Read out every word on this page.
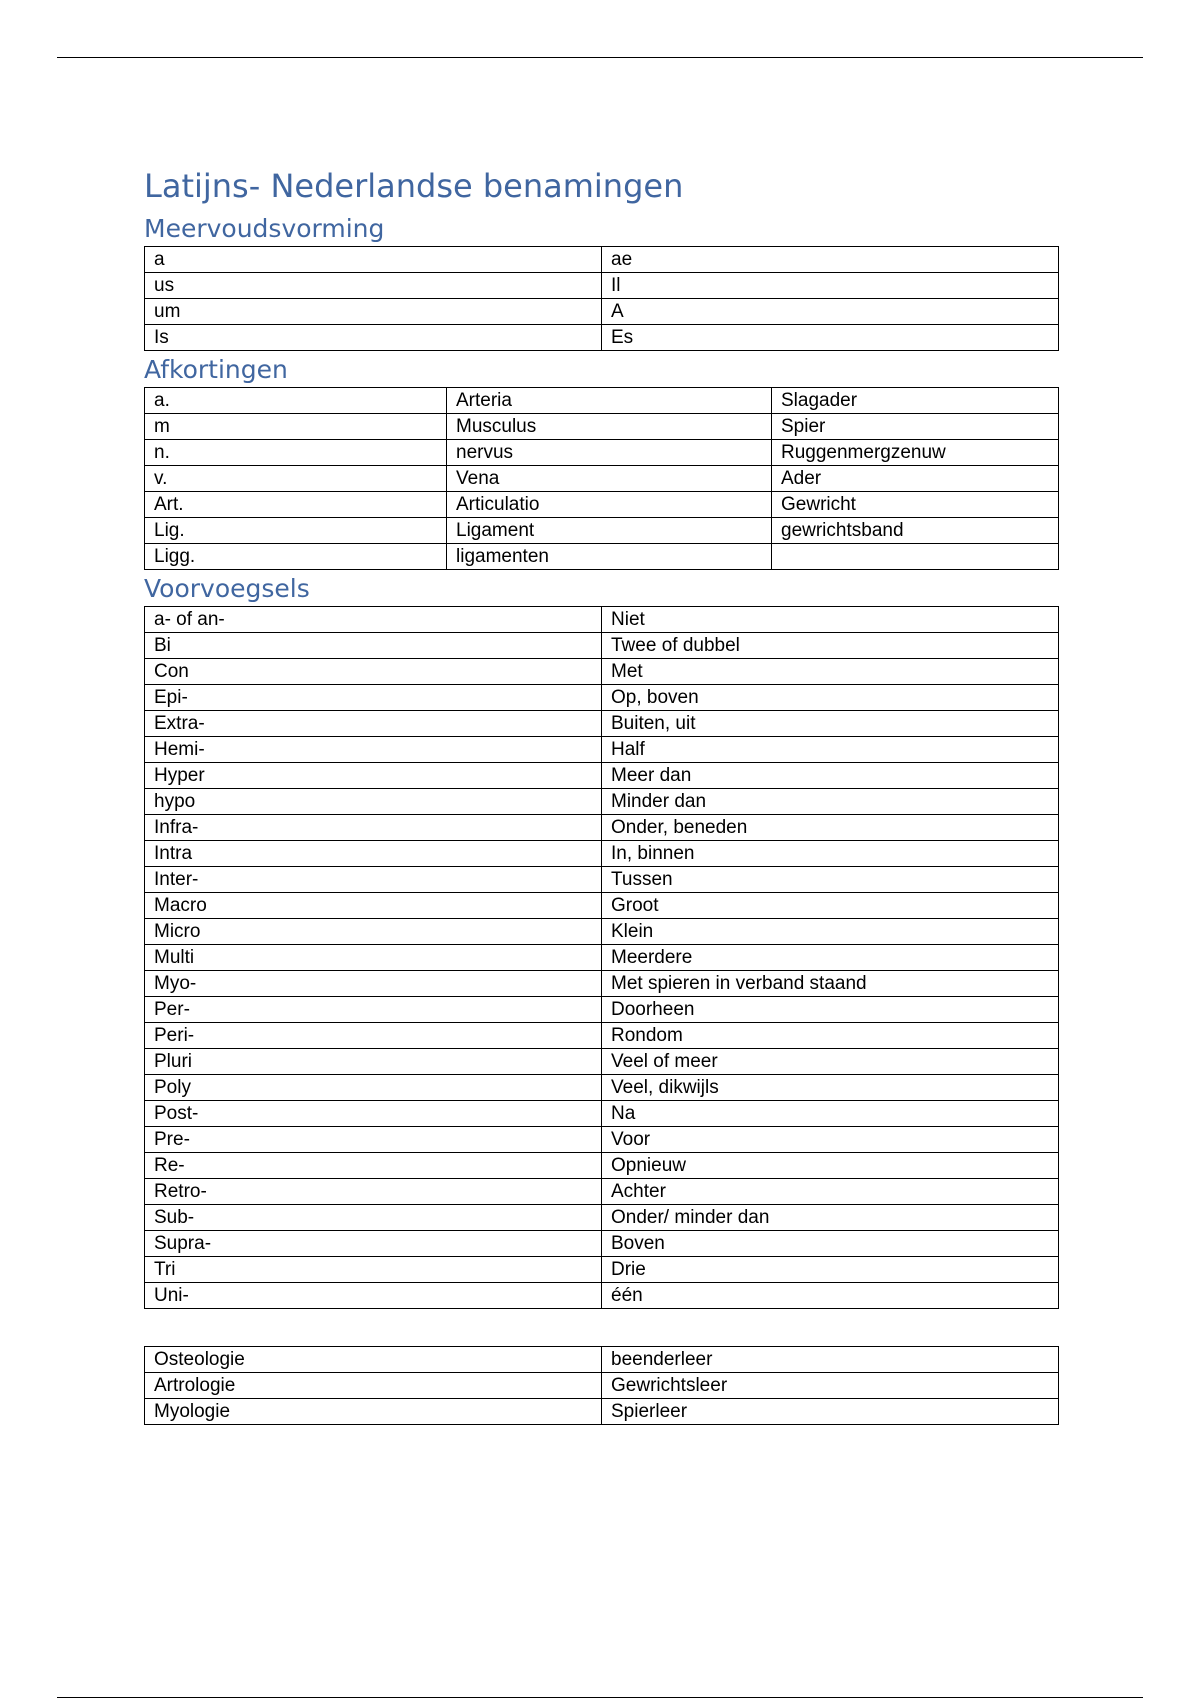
Latijns- Nederlandse benamingen
Meervoudsvorming
a	ae
us	Il
um	A
Is	Es
Afkortingen
a.	Arteria	Slagader
m	Musculus	Spier
n.	nervus	Ruggenmergzenuw
v.	Vena	Ader
Art.	Articulatio	Gewricht
Lig.	Ligament	gewrichtsband
Ligg.	ligamenten	
Voorvoegsels
a- of an-	Niet
Bi	Twee of dubbel
Con	Met
Epi-	Op, boven
Extra-	Buiten, uit
Hemi-	Half
Hyper	Meer dan
hypo	Minder dan
Infra-	Onder, beneden
Intra	In, binnen
Inter-	Tussen
Macro	Groot
Micro	Klein
Multi	Meerdere
Myo-	Met spieren in verband staand
Per-	Doorheen
Peri-	Rondom
Pluri	Veel of meer
Poly	Veel, dikwijls
Post-	Na
Pre-	Voor
Re-	Opnieuw
Retro-	Achter
Sub-	Onder/ minder dan
Supra-	Boven
Tri	Drie
Uni-	één
Osteologie	beenderleer
Artrologie	Gewrichtsleer
Myologie	Spierleer
